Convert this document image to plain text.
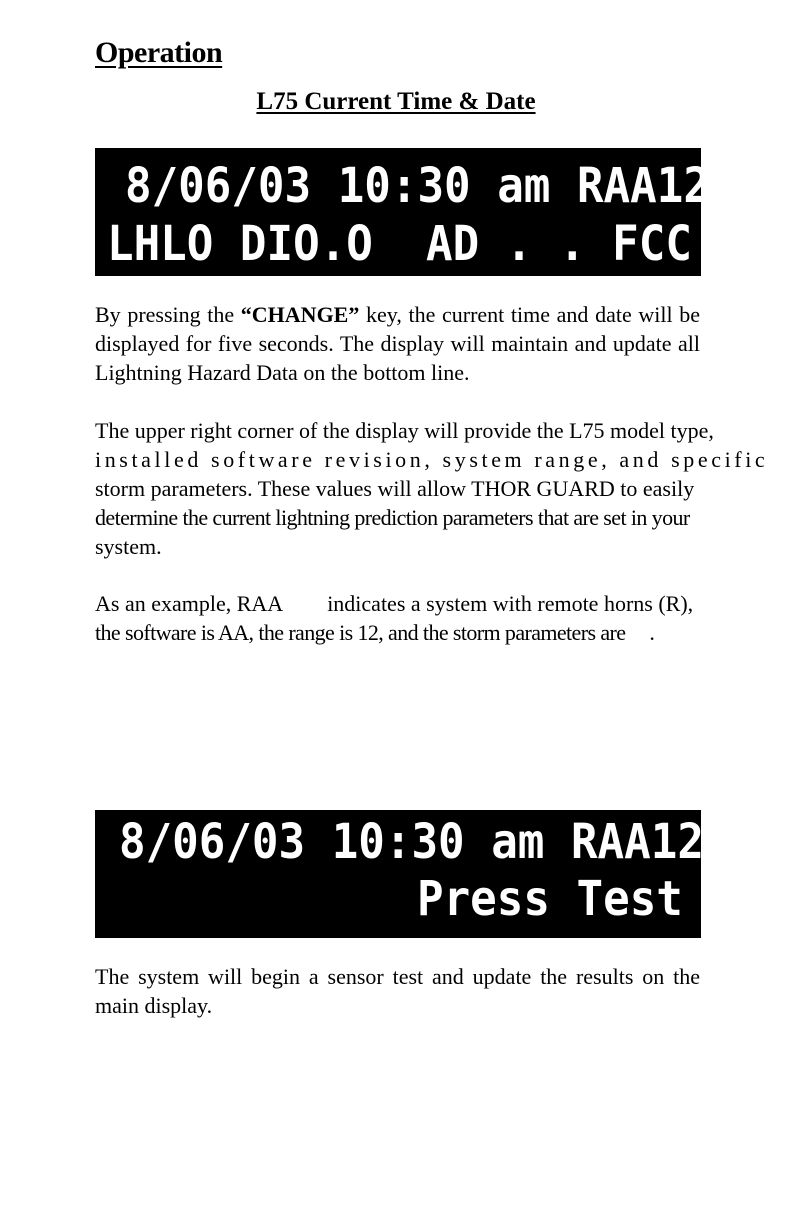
Operation
L75 Current Time & Date
8/06/03 10:30 am RAA122
LHLO DIO.O  AD . . FCC OOO

By pressing the “CHANGE” key, the current time and date will be displayed for five seconds. The display will maintain and update all Lightning Hazard Data on the bottom line.

The upper right corner of the display will provide the L75 model type,
installed software revision, system range, and specific
storm parameters. These values will allow THOR GUARD to easily
determine the current lightning prediction parameters that are set in your
system.

As an example, RAA indicates a system with remote horns (R),
the software is AA, the range is 12, and the storm parameters are .

8/06/03 10:30 am RAA122
Press Test

The system will begin a sensor test and update the results on the main display.
